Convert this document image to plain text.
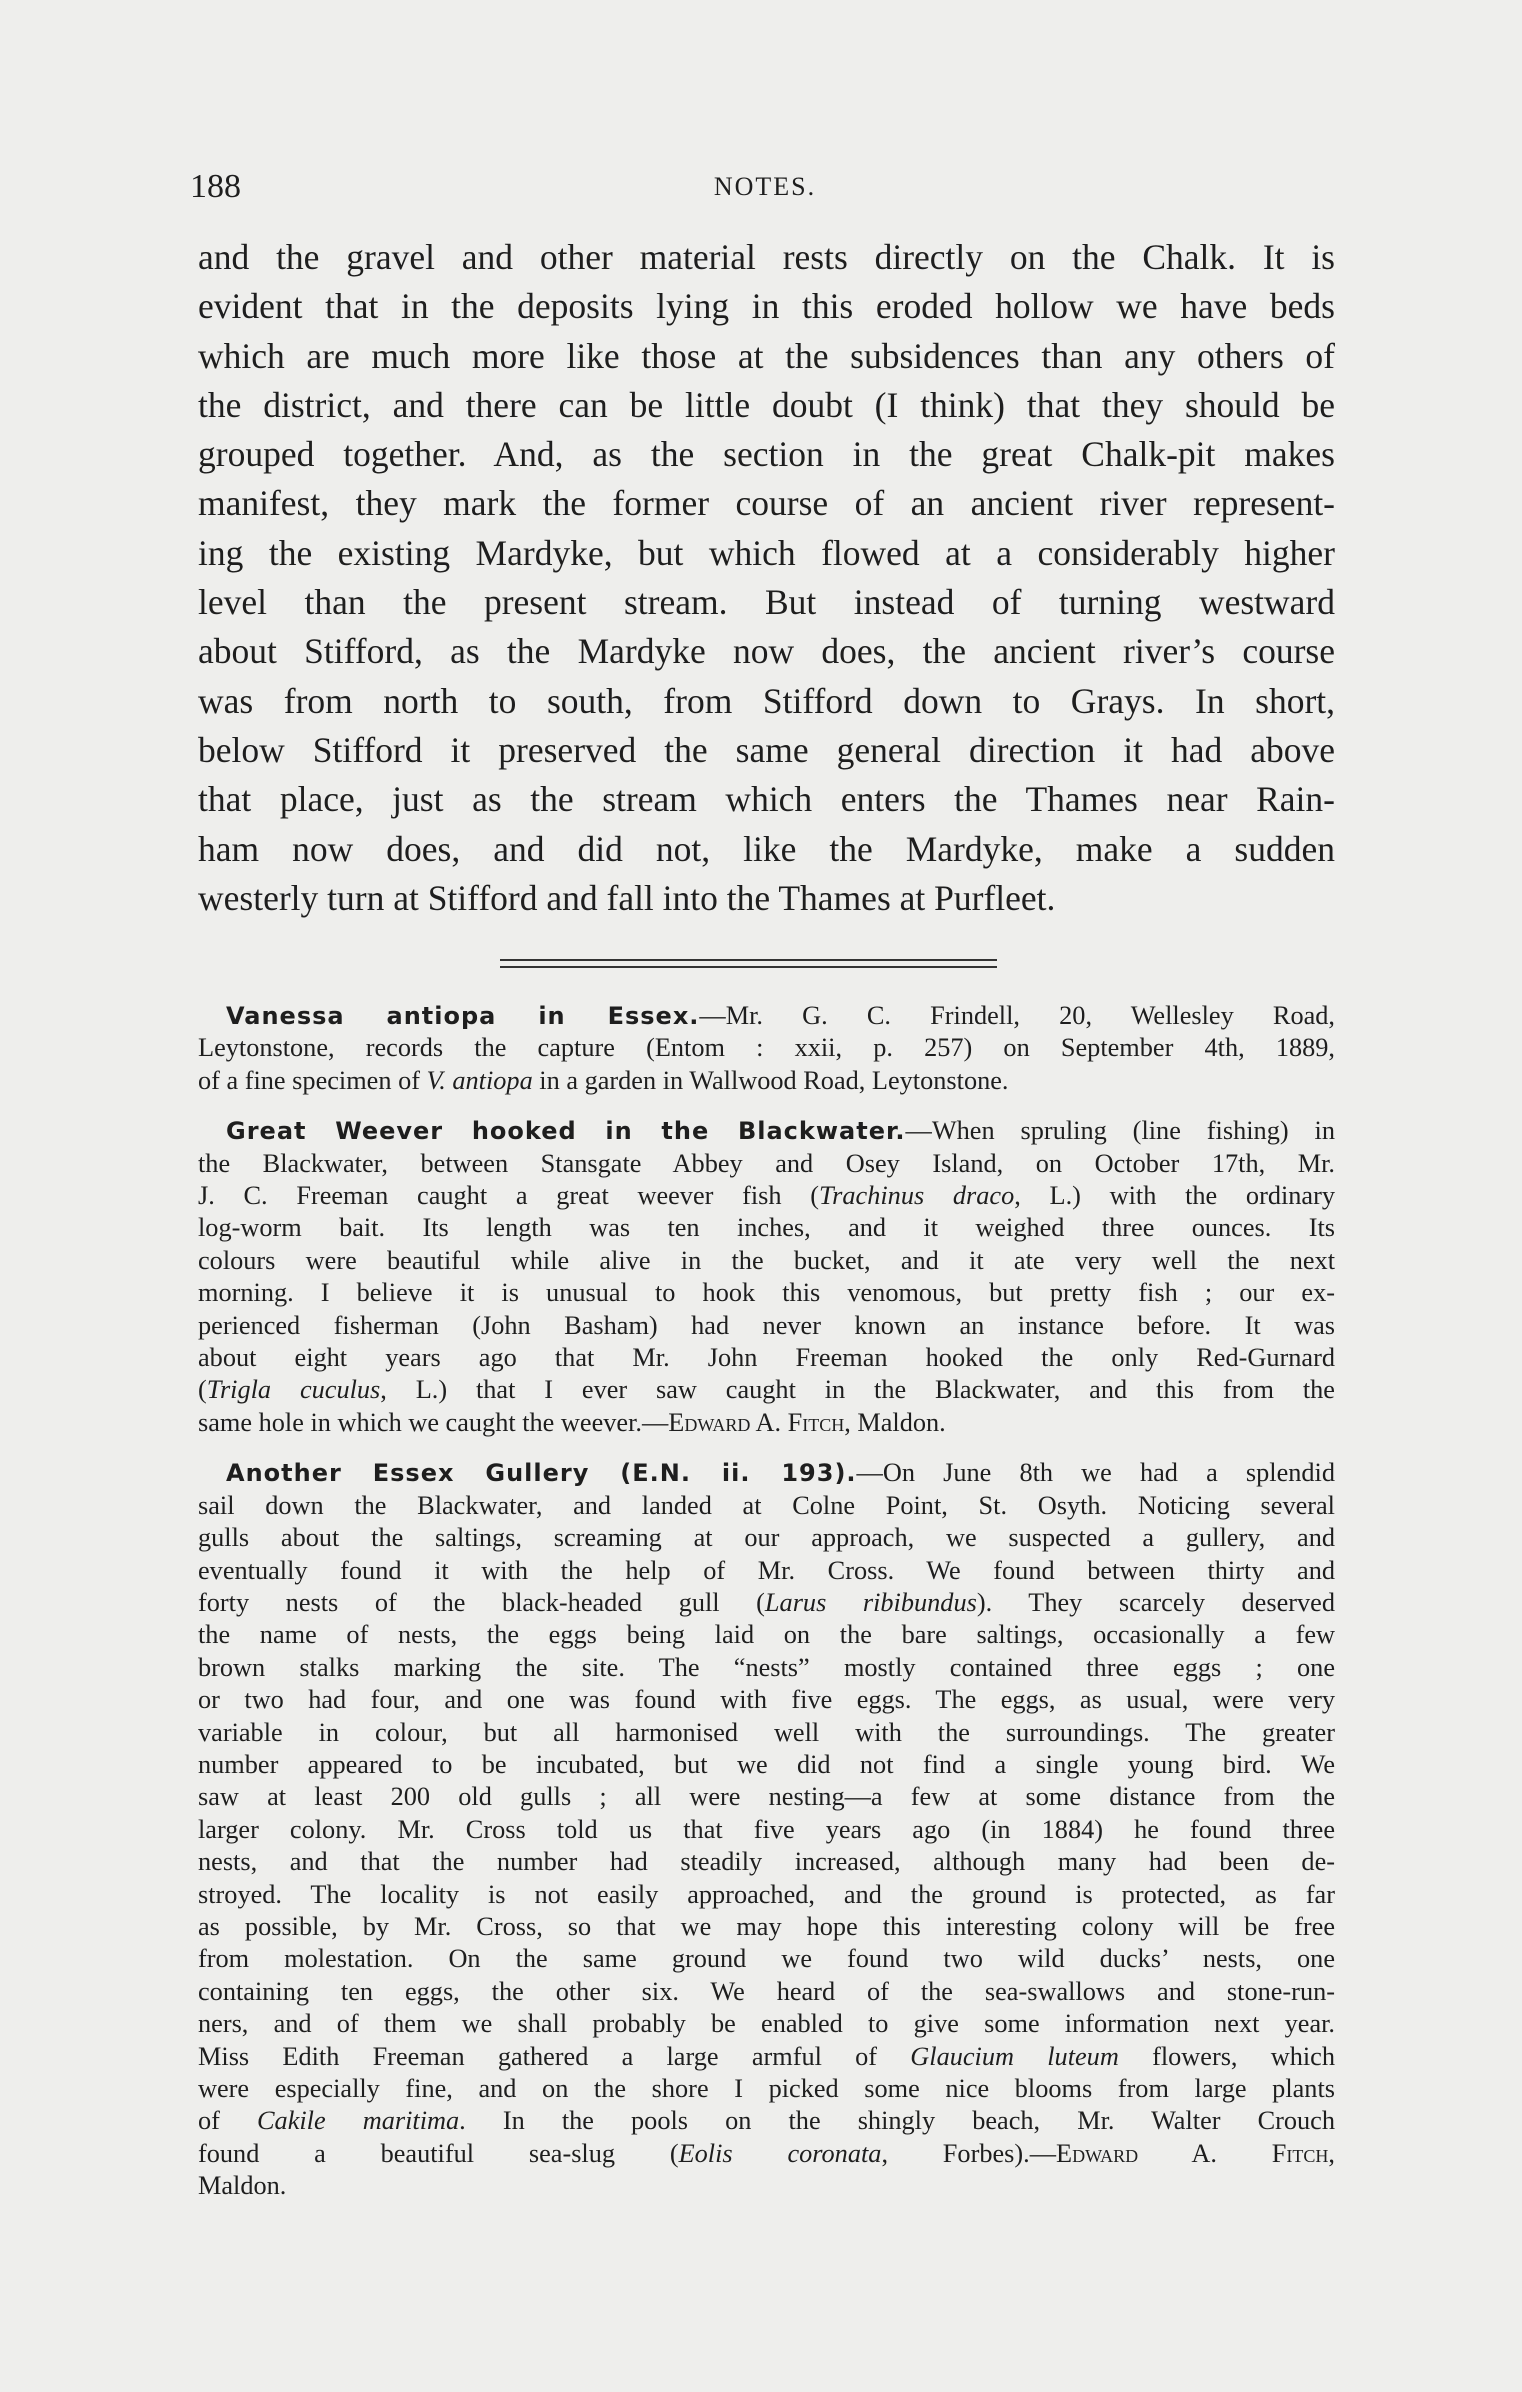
188	NOTES.

and the gravel and other material rests directly on the Chalk. It is
evident that in the deposits lying in this eroded hollow we have beds
which are much more like those at the subsidences than any others of
the district, and there can be little doubt (I think) that they should be
grouped together. And, as the section in the great Chalk-pit makes
manifest, they mark the former course of an ancient river represent-
ing the existing Mardyke, but which flowed at a considerably higher
level than the present stream. But instead of turning westward
about Stifford, as the Mardyke now does, the ancient river’s course
was from north to south, from Stifford down to Grays. In short,
below Stifford it preserved the same general direction it had above
that place, just as the stream which enters the Thames near Rain-
ham now does, and did not, like the Mardyke, make a sudden
westerly turn at Stifford and fall into the Thames at Purfleet.

Vanessa antiopa in Essex.—Mr. G. C. Frindell, 20, Wellesley Road,
Leytonstone, records the capture (Entom : xxii, p. 257) on September 4th, 1889,
of a fine specimen of V. antiopa in a garden in Wallwood Road, Leytonstone.

Great Weever hooked in the Blackwater.—When spruling (line fishing) in
the Blackwater, between Stansgate Abbey and Osey Island, on October 17th, Mr.
J. C. Freeman caught a great weever fish (Trachinus draco, L.) with the ordinary
log-worm bait. Its length was ten inches, and it weighed three ounces. Its
colours were beautiful while alive in the bucket, and it ate very well the next
morning. I believe it is unusual to hook this venomous, but pretty fish ; our ex-
perienced fisherman (John Basham) had never known an instance before. It was
about eight years ago that Mr. John Freeman hooked the only Red-Gurnard
(Trigla cuculus, L.) that I ever saw caught in the Blackwater, and this from the
same hole in which we caught the weever.—Edward A. Fitch, Maldon.

Another Essex Gullery (E.N. ii. 193).—On June 8th we had a splendid
sail down the Blackwater, and landed at Colne Point, St. Osyth. Noticing several
gulls about the saltings, screaming at our approach, we suspected a gullery, and
eventually found it with the help of Mr. Cross. We found between thirty and
forty nests of the black-headed gull (Larus ribibundus). They scarcely deserved
the name of nests, the eggs being laid on the bare saltings, occasionally a few
brown stalks marking the site. The “nests” mostly contained three eggs ; one
or two had four, and one was found with five eggs. The eggs, as usual, were very
variable in colour, but all harmonised well with the surroundings. The greater
number appeared to be incubated, but we did not find a single young bird. We
saw at least 200 old gulls ; all were nesting—a few at some distance from the
larger colony. Mr. Cross told us that five years ago (in 1884) he found three
nests, and that the number had steadily increased, although many had been de-
stroyed. The locality is not easily approached, and the ground is protected, as far
as possible, by Mr. Cross, so that we may hope this interesting colony will be free
from molestation. On the same ground we found two wild ducks’ nests, one
containing ten eggs, the other six. We heard of the sea-swallows and stone-run-
ners, and of them we shall probably be enabled to give some information next year.
Miss Edith Freeman gathered a large armful of Glaucium luteum flowers, which
were especially fine, and on the shore I picked some nice blooms from large plants
of Cakile maritima. In the pools on the shingly beach, Mr. Walter Crouch
found a beautiful sea-slug (Eolis coronata, Forbes).—Edward A. Fitch,
Maldon.
